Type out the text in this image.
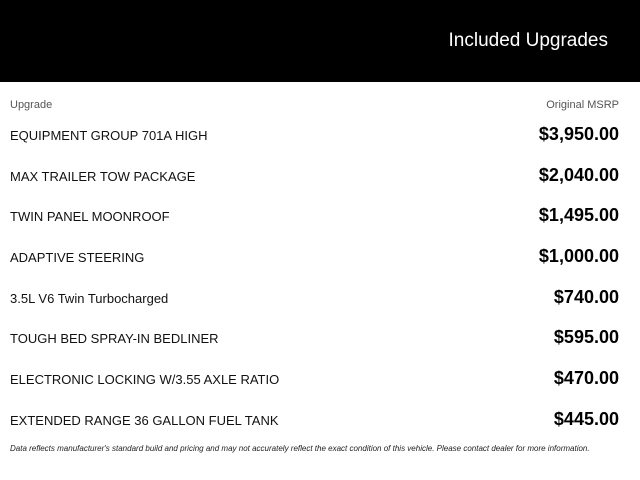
Included Upgrades
Upgrade	Original MSRP
EQUIPMENT GROUP 701A HIGH	$3,950.00
MAX TRAILER TOW PACKAGE	$2,040.00
TWIN PANEL MOONROOF	$1,495.00
ADAPTIVE STEERING	$1,000.00
3.5L V6 Twin Turbocharged	$740.00
TOUGH BED SPRAY-IN BEDLINER	$595.00
ELECTRONIC LOCKING W/3.55 AXLE RATIO	$470.00
EXTENDED RANGE 36 GALLON FUEL TANK	$445.00
Data reflects manufacturer's standard build and pricing and may not accurately reflect the exact condition of this vehicle. Please contact dealer for more information.
